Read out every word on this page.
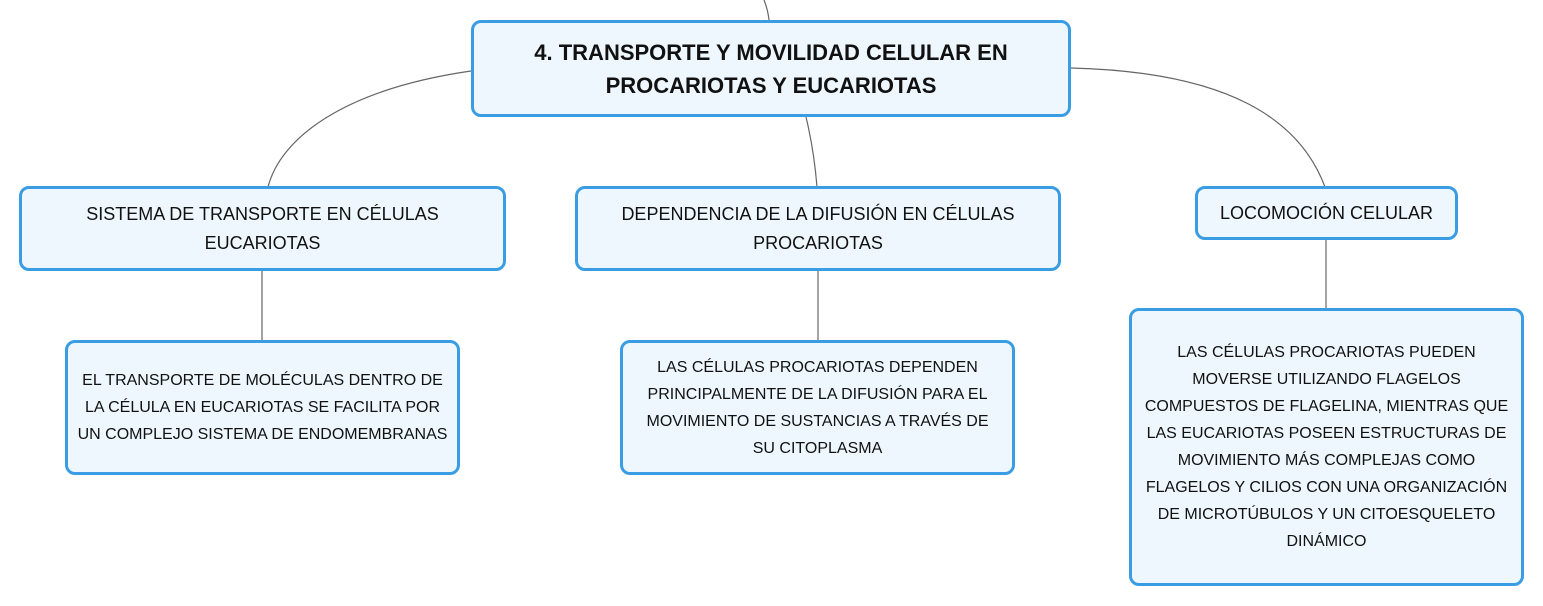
4. TRANSPORTE Y MOVILIDAD CELULAR EN PROCARIOTAS Y EUCARIOTAS
SISTEMA DE TRANSPORTE EN CÉLULAS EUCARIOTAS
DEPENDENCIA DE LA DIFUSIÓN EN CÉLULAS PROCARIOTAS
LOCOMOCIÓN CELULAR
EL TRANSPORTE DE MOLÉCULAS DENTRO DE LA CÉLULA EN EUCARIOTAS SE FACILITA POR UN COMPLEJO SISTEMA DE ENDOMEMBRANAS
LAS CÉLULAS PROCARIOTAS DEPENDEN PRINCIPALMENTE DE LA DIFUSIÓN PARA EL MOVIMIENTO DE SUSTANCIAS A TRAVÉS DE SU CITOPLASMA
LAS CÉLULAS PROCARIOTAS PUEDEN MOVERSE UTILIZANDO FLAGELOS COMPUESTOS DE FLAGELINA, MIENTRAS QUE LAS EUCARIOTAS POSEEN ESTRUCTURAS DE MOVIMIENTO MÁS COMPLEJAS COMO FLAGELOS Y CILIOS CON UNA ORGANIZACIÓN DE MICROTÚBULOS Y UN CITOESQUELETO DINÁMICO
